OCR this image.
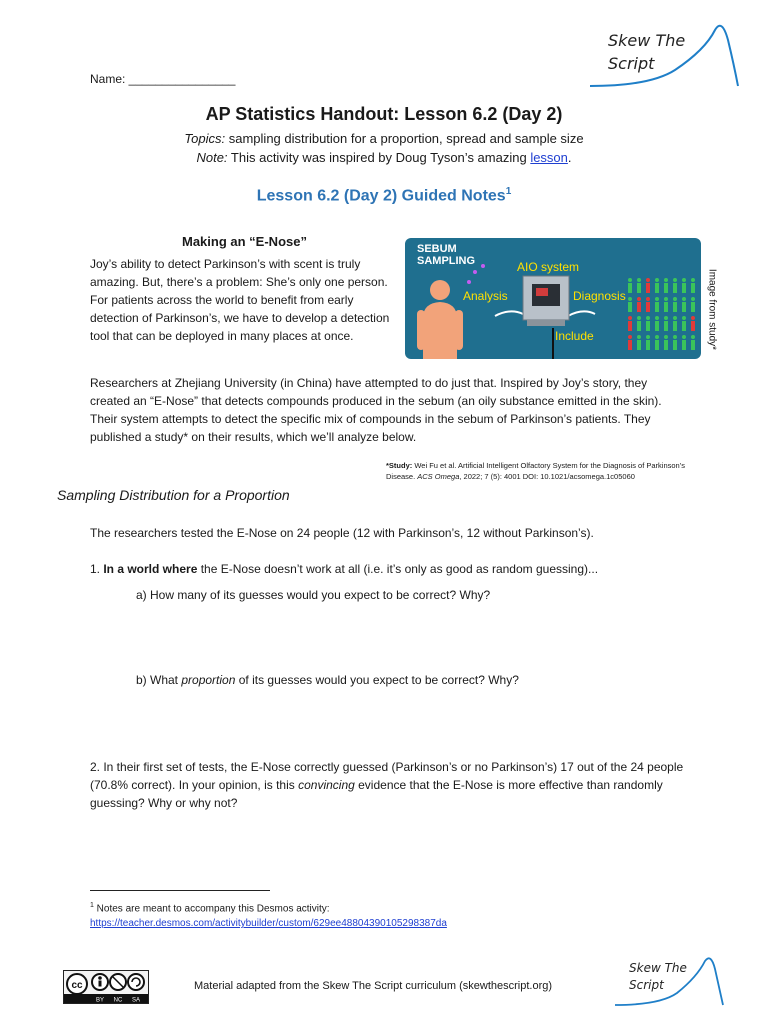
Skew The
Script
Name: ________________
AP Statistics Handout: Lesson 6.2 (Day 2)
Topics: sampling distribution for a proportion, spread and sample size
Note: This activity was inspired by Doug Tyson’s amazing lesson.
Lesson 6.2 (Day 2) Guided Notes$^1$
Making an “E-Nose”
Joy’s ability to detect Parkinson’s with scent is truly amazing. But, there’s a problem: She’s only one person. For patients across the world to benefit from early detection of Parkinson’s, we have to develop a detection tool that can be deployed in many places at once.
SEBUM
SAMPLING	AIO system
Analysis	Diagnosis
Include	Image from study*
Researchers at Zhejiang University (in China) have attempted to do just that. Inspired by Joy’s story, they created an “E-Nose” that detects compounds produced in the sebum (an oily substance emitted in the skin). Their system attempts to detect the specific mix of compounds in the sebum of Parkinson’s patients. They published a study* on their results, which we’ll analyze below.
*Study: Wei Fu et al. Artificial Intelligent Olfactory System for the Diagnosis of Parkinson’s
Disease. ACS Omega, 2022; 7 (5): 4001 DOI: 10.1021/acsomega.1c05060
Sampling Distribution for a Proportion
The researchers tested the E-Nose on 24 people (12 with Parkinson’s, 12 without Parkinson’s).
1. In a world where the E-Nose doesn’t work at all (i.e. it’s only as good as random guessing)...
a) How many of its guesses would you expect to be correct? Why?
b) What proportion of its guesses would you expect to be correct? Why?
2. In their first set of tests, the E-Nose correctly guessed (Parkinson’s or no Parkinson’s) 17 out of the 24 people (70.8% correct). In your opinion, is this convincing evidence that the E-Nose is more effective than randomly guessing? Why or why not?
$^1$ Notes are meant to accompany this Desmos activity:
https://teacher.desmos.com/activitybuilder/custom/629ee48804390105298387da
cc
BY NC SA
Material adapted from the Skew The Script curriculum (skewthescript.org)
Skew The
Script
